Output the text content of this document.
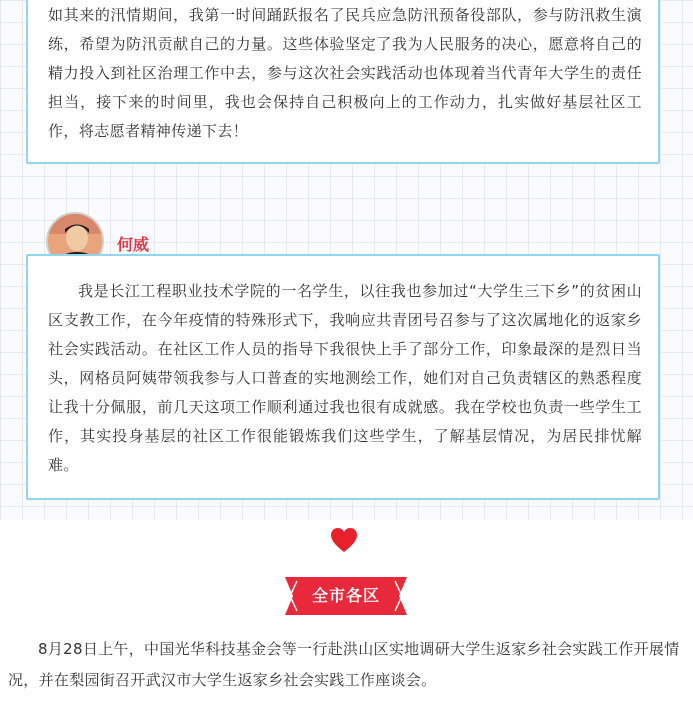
如其来的汛情期间，我第一时间踊跃报名了民兵应急防汛预备役部队，参与防汛救生演练，希望为防汛贡献自己的力量。这些体验坚定了我为人民服务的决心，愿意将自己的精力投入到社区治理工作中去，参与这次社会实践活动也体现着当代青年大学生的责任担当，接下来的时间里，我也会保持自己积极向上的工作动力，扎实做好基层社区工作，将志愿者精神传递下去！

何威

我是长江工程职业技术学院的一名学生，以往我也参加过“大学生三下乡”的贫困山区支教工作，在今年疫情的特殊形式下，我响应共青团号召参与了这次属地化的返家乡社会实践活动。在社区工作人员的指导下我很快上手了部分工作，印象最深的是烈日当头，网格员阿姨带领我参与人口普查的实地测绘工作，她们对自己负责辖区的熟悉程度让我十分佩服，前几天这项工作顺利通过我也很有成就感。我在学校也负责一些学生工作，其实投身基层的社区工作很能锻炼我们这些学生，了解基层情况，为居民排忧解难。

全市各区

8月28日上午，中国光华科技基金会等一行赴洪山区实地调研大学生返家乡社会实践工作开展情况，并在梨园街召开武汉市大学生返家乡社会实践工作座谈会。
